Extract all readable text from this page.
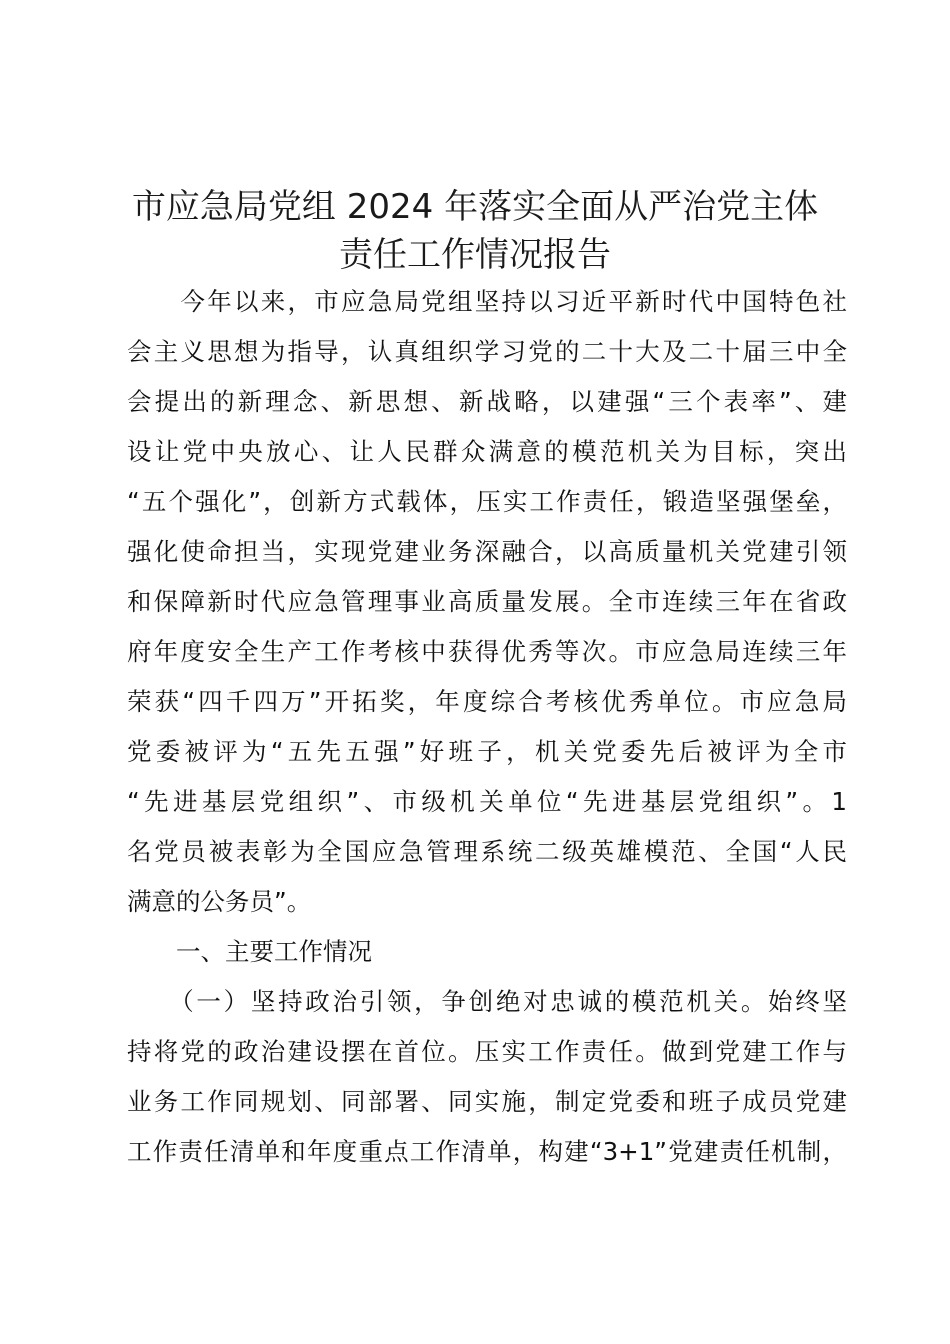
市应急局党组 2024 年落实全面从严治党主体
责任工作情况报告
　　今年以来，市应急局党组坚持以习近平新时代中国特色社
会主义思想为指导，认真组织学习党的二十大及二十届三中全
会提出的新理念、新思想、新战略，以建强“三个表率”、建
设让党中央放心、让人民群众满意的模范机关为目标，突出
“五个强化”，创新方式载体，压实工作责任，锻造坚强堡垒，
强化使命担当，实现党建业务深融合，以高质量机关党建引领
和保障新时代应急管理事业高质量发展。全市连续三年在省政
府年度安全生产工作考核中获得优秀等次。市应急局连续三年
荣获“四千四万”开拓奖，年度综合考核优秀单位。市应急局
党委被评为“五先五强”好班子，机关党委先后被评为全市
“先进基层党组织”、市级机关单位“先进基层党组织”。1
名党员被表彰为全国应急管理系统二级英雄模范、全国“人民
满意的公务员”。
　　一、主要工作情况
　　（一）坚持政治引领，争创绝对忠诚的模范机关。始终坚
持将党的政治建设摆在首位。压实工作责任。做到党建工作与
业务工作同规划、同部署、同实施，制定党委和班子成员党建
工作责任清单和年度重点工作清单，构建“3+1”党建责任机制，
